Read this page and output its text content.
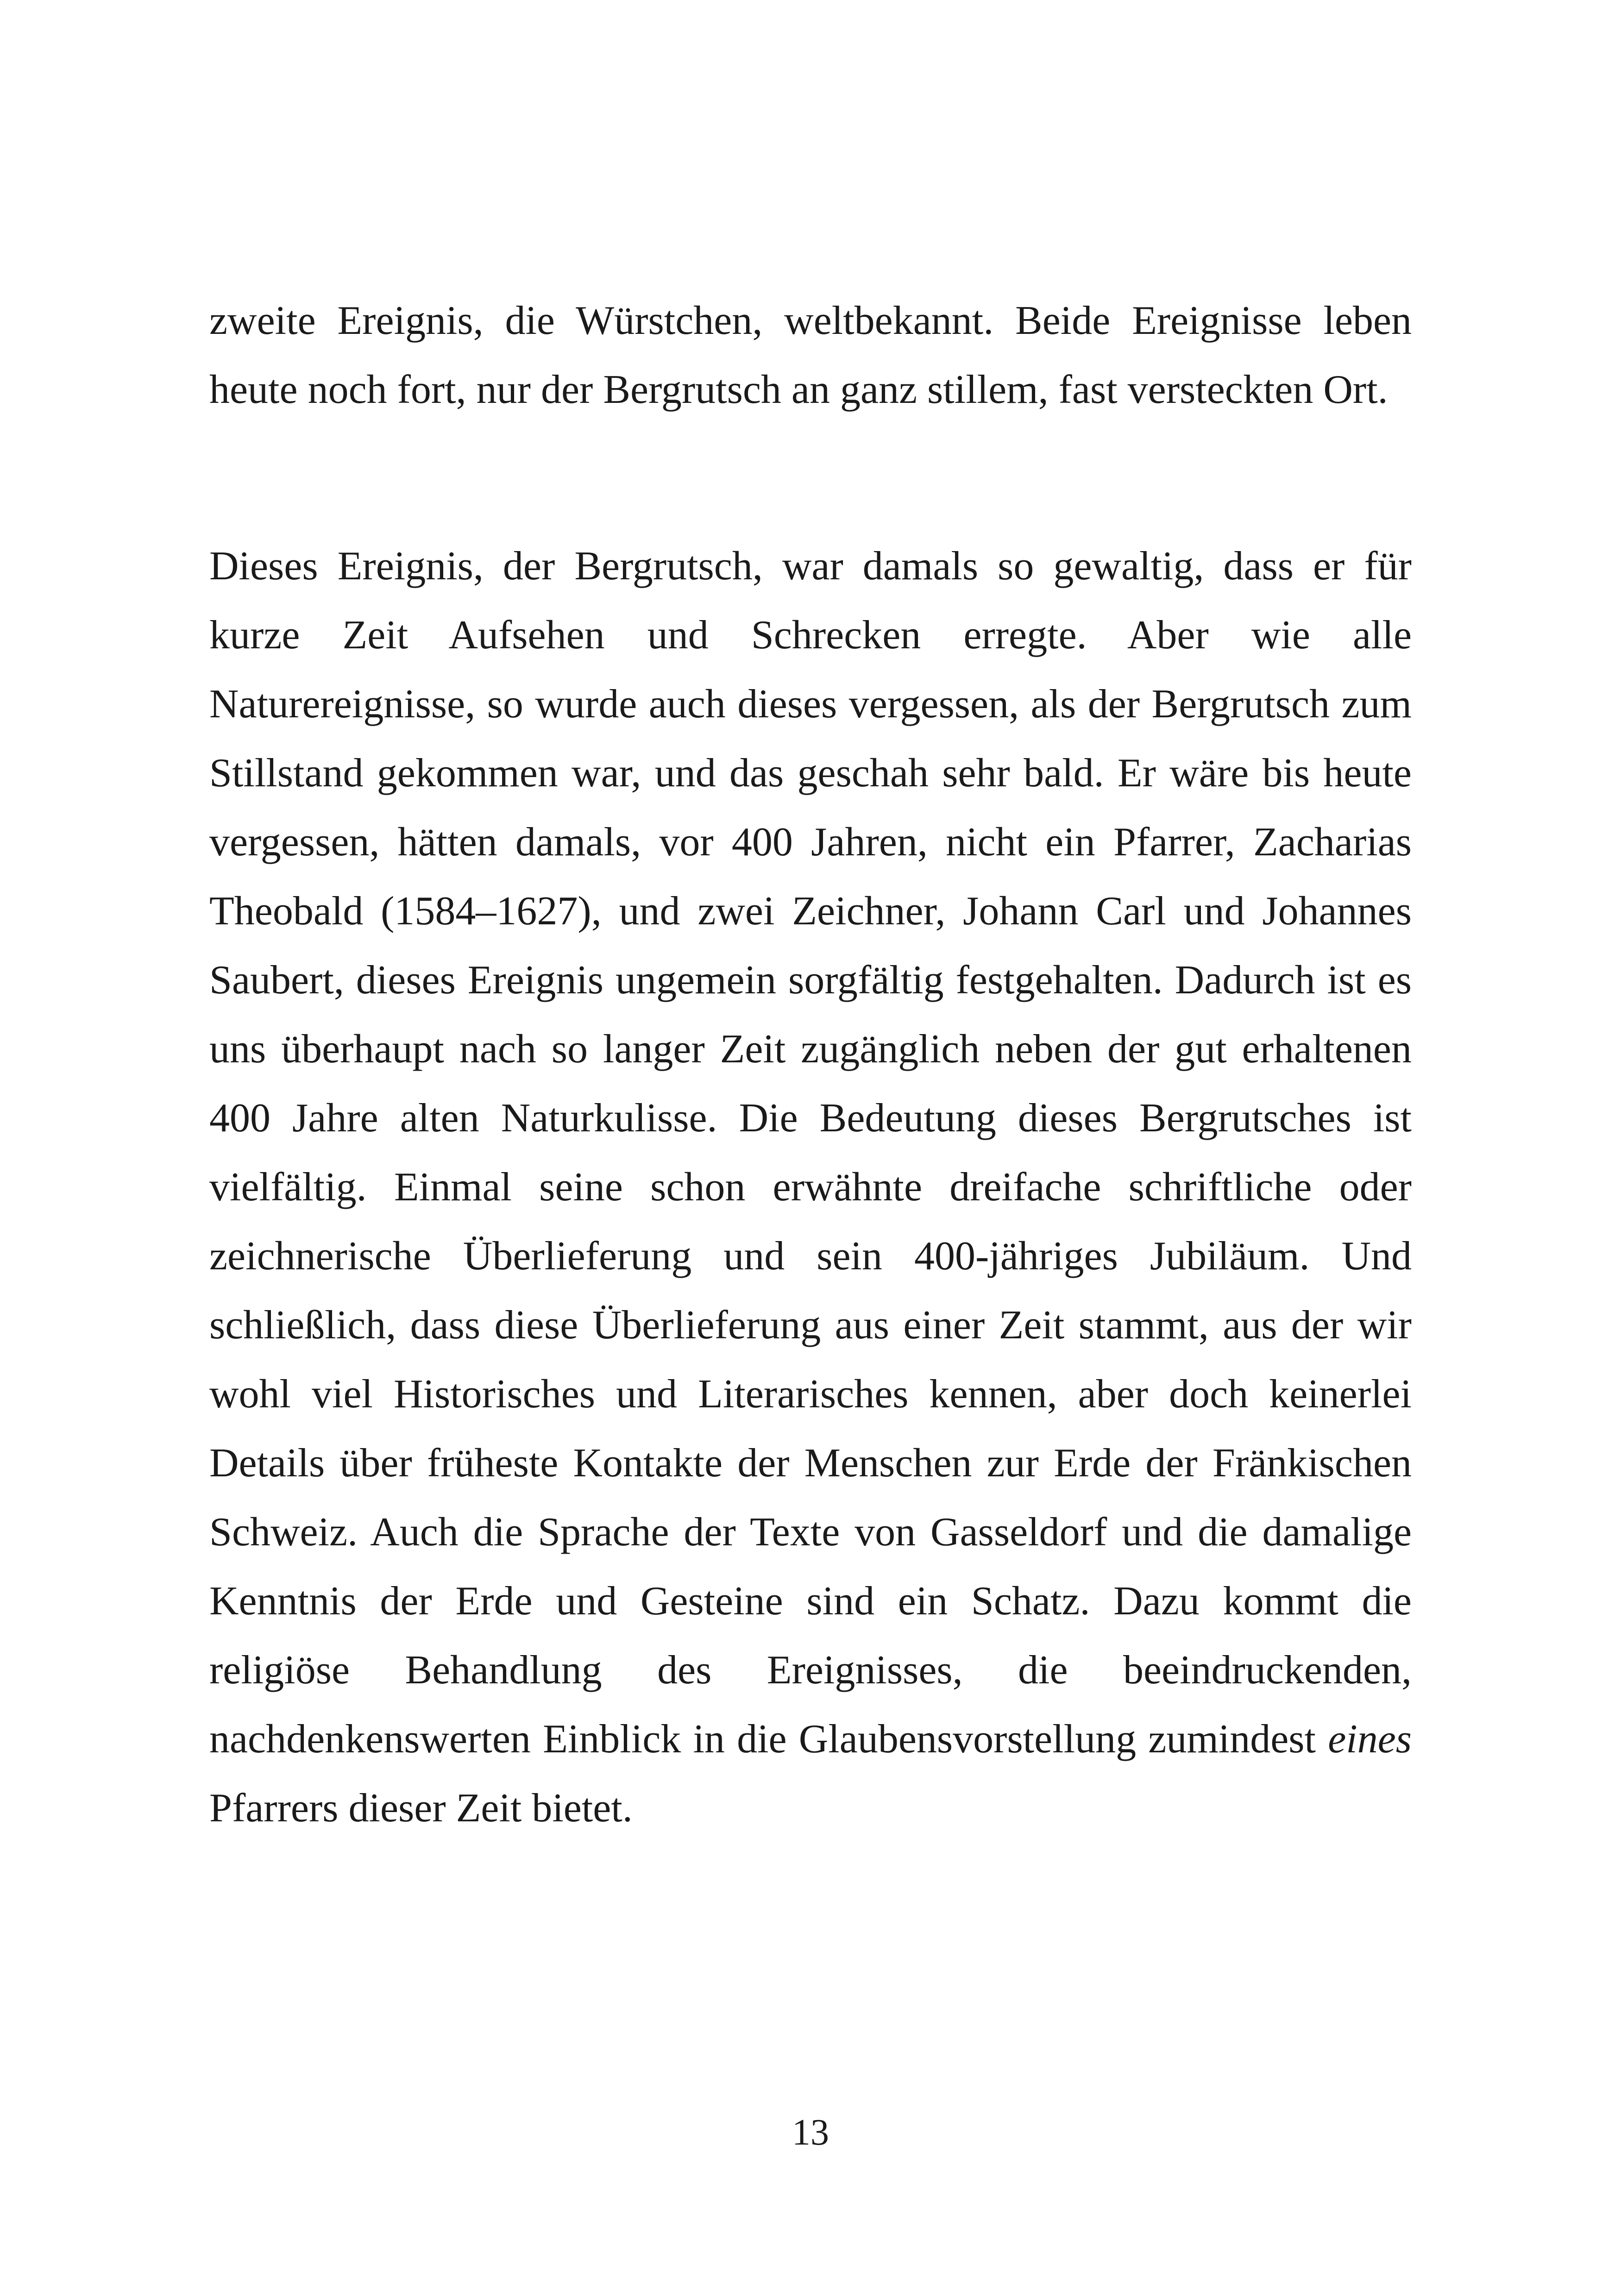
zweite Ereignis, die Würstchen, weltbekannt. Beide Ereignisse leben heute noch fort, nur der Bergrutsch an ganz stillem, fast versteckten Ort.

Dieses Ereignis, der Bergrutsch, war damals so gewaltig, dass er für kurze Zeit Aufsehen und Schrecken erregte. Aber wie alle Naturereignisse, so wurde auch dieses vergessen, als der Bergrutsch zum Stillstand gekommen war, und das geschah sehr bald. Er wäre bis heute vergessen, hätten damals, vor 400 Jahren, nicht ein Pfarrer, Zacharias Theobald (1584–1627), und zwei Zeichner, Johann Carl und Johannes Saubert, dieses Ereignis ungemein sorgfältig festgehalten. Dadurch ist es uns überhaupt nach so langer Zeit zugänglich neben der gut erhaltenen 400 Jahre alten Naturkulisse. Die Bedeutung dieses Bergrutsches ist vielfältig. Einmal seine schon erwähnte dreifache schriftliche oder zeichnerische Überlieferung und sein 400-jähriges Jubiläum. Und schließlich, dass diese Überlieferung aus einer Zeit stammt, aus der wir wohl viel Historisches und Literarisches kennen, aber doch keinerlei Details über früheste Kontakte der Menschen zur Erde der Fränkischen Schweiz. Auch die Sprache der Texte von Gasseldorf und die damalige Kenntnis der Erde und Gesteine sind ein Schatz. Dazu kommt die religiöse Behandlung des Ereignisses, die beeindruckenden, nachdenkenswerten Einblick in die Glaubensvorstellung zumindest eines Pfarrers dieser Zeit bietet.

13
